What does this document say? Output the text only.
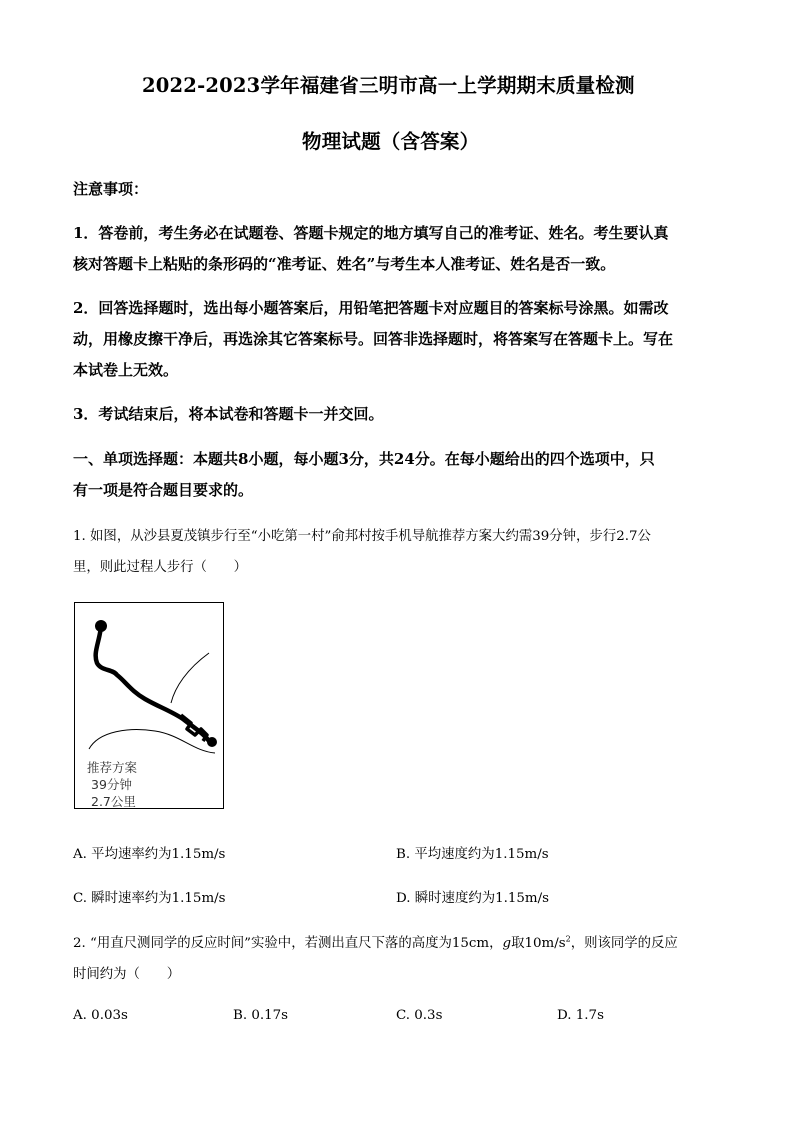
2022-2023学年福建省三明市高一上学期期末质量检测
物理试题（含答案）
注意事项：
1．答卷前，考生务必在试题卷、答题卡规定的地方填写自己的准考证、姓名。考生要认真
核对答题卡上粘贴的条形码的“准考证、姓名”与考生本人准考证、姓名是否一致。
2．回答选择题时，选出每小题答案后，用铅笔把答题卡对应题目的答案标号涂黑。如需改
动，用橡皮擦干净后，再选涂其它答案标号。回答非选择题时，将答案写在答题卡上。写在
本试卷上无效。
3．考试结束后，将本试卷和答题卡一并交回。
一、单项选择题：本题共8小题，每小题3分，共24分。在每小题给出的四个选项中，只
有一项是符合题目要求的。
1. 如图，从沙县夏茂镇步行至“小吃第一村”俞邦村按手机导航推荐方案大约需39分钟，步行2.7公
里，则此过程人步行（　　）
推荐方案
39分钟
2.7公里
A. 平均速率约为1.15m/s	B. 平均速度约为1.15m/s
C. 瞬时速率约为1.15m/s	D. 瞬时速度约为1.15m/s
2. “用直尺测同学的反应时间”实验中，若测出直尺下落的高度为15cm，g取$10m/s^2$，则该同学的反应
时间约为（　　）
A. 0.03s	B. 0.17s	C. 0.3s	D. 1.7s
